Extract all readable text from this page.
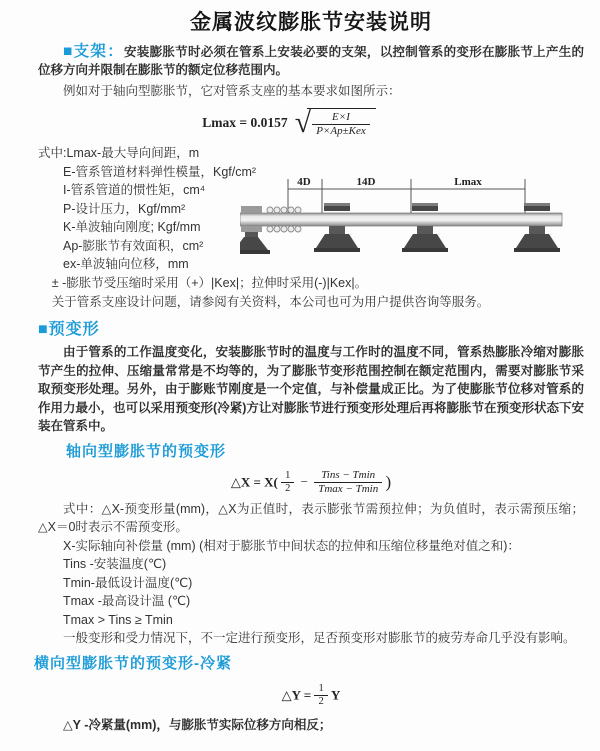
金属波纹膨胀节安装说明

■支架：安装膨胀节时必须在管系上安装必要的支架，以控制管系的变形在膨胀节上产生的位移方向并限制在膨胀节的额定位移范围内。

例如对于轴向型膨胀节，它对管系支座的基本要求如图所示：

Lmax = 0.0157 √ $\frac{E\times I}{\text{P×Ap±Kex}}$
式中:Lmax-最大导向间距，m
E-管系管道材料弹性模量，Kgf/cm²
I-管系管道的惯性矩，cm⁴
P-设计压力，Kgf/mm²
K-单波轴向刚度; Kgf/mm
Ap-膨胀节有效面积，cm²
ex-单波轴向位移，mm
4D	14D	Lmax
± -膨胀节受压缩时采用（+）|Kex|；拉伸时采用(-)|Kex|。
关于管系支座设计问题，请参阅有关资料，本公司也可为用户提供咨询等服务。
■预变形

由于管系的工作温度变化，安装膨胀节时的温度与工作时的温度不同，管系热膨胀冷缩对膨胀节产生的拉伸、压缩量常常是不均等的，为了膨胀节变形范围控制在额定范围内，需要对膨胀节采取预变形处理。另外，由于膨账节刚度是一个定值，与补偿量成正比。为了使膨胀节位移对管系的作用力最小，也可以采用预变形(冷紧)方让对膨胀节进行预变形处理后再将膨胀节在预变形状态下安装在管系中。

轴向型膨胀节的预变形
△X = $X( \frac{1}{2} - \frac{\text{Tins − Tmin}}{Tmax - Tmin}$ )

式中：△X-预变形量(mm)，△X为正值时，表示膨张节需预拉伸；为负值时，表示需预压缩；△X＝0时表示不需预变形。

X-实际轴向补偿量 (mm) (相对于膨胀节中间状态的拉伸和压缩位移量绝对值之和)：

Tins -安装温度(℃)
Tmin-最低设计温度(℃)
Tmax -最高设计温 (℃)
Tmax > Tins ≥ Tmin

一般变形和受力情况下，不一定进行预变形，足否预变形对膨胀节的疲劳寿命几乎没有影响。

横向型膨胀节的预变形-冷紧
△Y = $\frac{1}{2}$ Y

△Y -冷紧量(mm)，与膨胀节实际位移方向相反；
